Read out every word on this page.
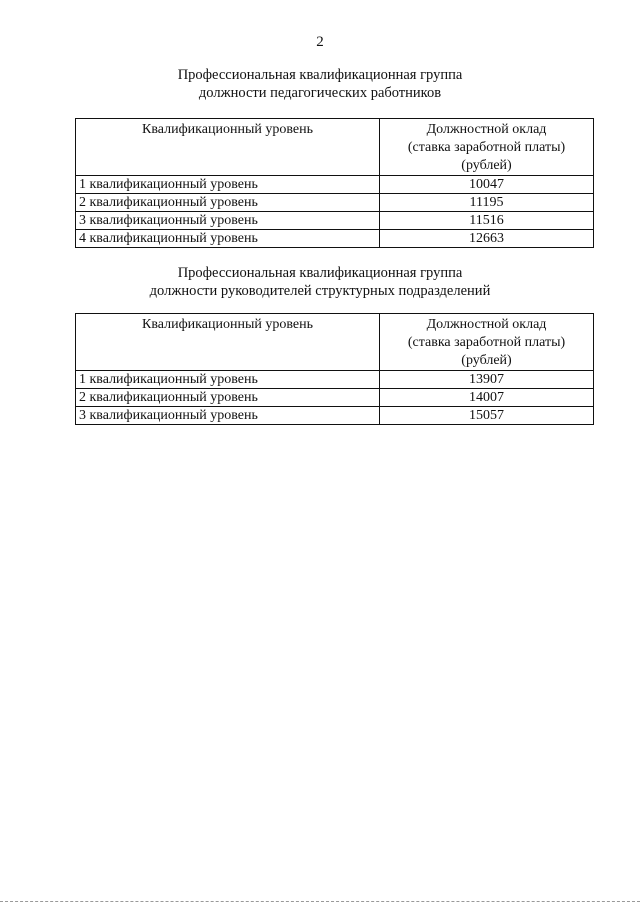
2
Профессиональная квалификационная группа
должности педагогических работников
Квалификационный уровень	Должностной оклад
(ставка заработной платы)
(рублей)

1 квалификационный уровень	10047
2 квалификационный уровень	11195
3 квалификационный уровень	11516
4 квалификационный уровень	12663
Профессиональная квалификационная группа
должности руководителей структурных подразделений
Квалификационный уровень	Должностной оклад
(ставка заработной платы)
(рублей)

1 квалификационный уровень	13907
2 квалификационный уровень	14007
3 квалификационный уровень	15057
